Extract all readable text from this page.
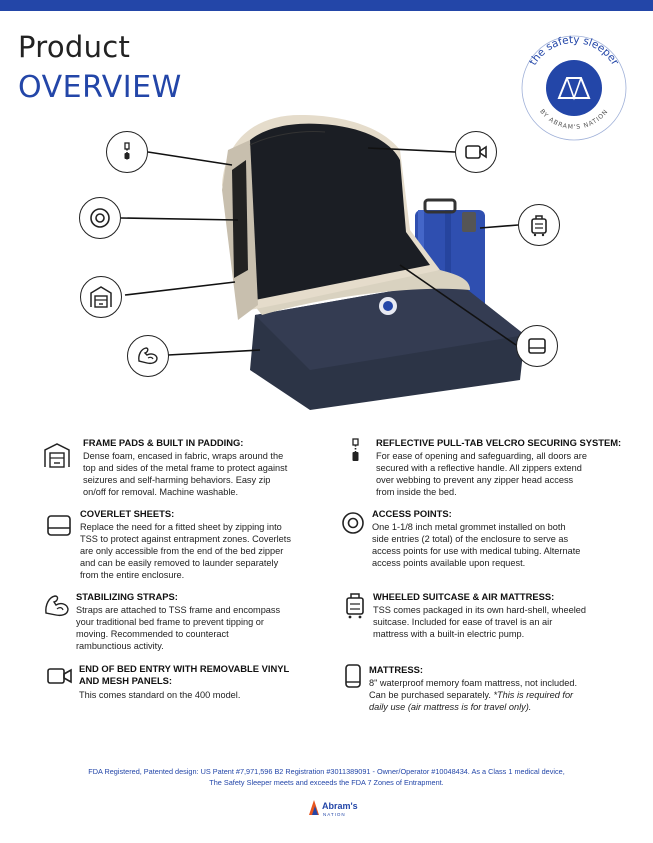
Product
OVERVIEW
the safety sleeper
BY ABRAM'S NATION
FRAME PADS & BUILT IN PADDING:
Dense foam, encased in fabric, wraps around the
top and sides of the metal frame to protect against
seizures and self-harming behaviors. Easy zip
on/off for removal. Machine washable.
COVERLET SHEETS:
Replace the need for a fitted sheet by zipping into
TSS to protect against entrapment zones. Coverlets
are only accessible from the end of the bed zipper
and can be easily removed to launder separately
from the entire enclosure.
STABILIZING STRAPS:
Straps are attached to TSS frame and encompass
your traditional bed frame to prevent tipping or
moving. Recommended to counteract
rambunctious activity.
END OF BED ENTRY WITH REMOVABLE VINYL
AND MESH PANELS:
This comes standard on the 400 model.
REFLECTIVE PULL-TAB VELCRO SECURING SYSTEM:
For ease of opening and safeguarding, all doors are
secured with a reflective handle. All zippers extend
over webbing to prevent any zipper head access
from inside the bed.
ACCESS POINTS:
One 1-1/8 inch metal grommet installed on both
side entries (2 total) of the enclosure to serve as
access points for use with medical tubing. Alternate
access points available upon request.
WHEELED SUITCASE & AIR MATTRESS:
TSS comes packaged in its own hard-shell, wheeled
suitcase. Included for ease of travel is an air
mattress with a built-in electric pump.
MATTRESS:
8" waterproof memory foam mattress, not included.
Can be purchased separately. *This is required for
daily use (air mattress is for travel only).
FDA Registered, Patented design: US Patent #7,971,596 B2 Registration #3011389091 - Owner/Operator #10048434. As a Class 1 medical device,
The Safety Sleeper meets and exceeds the FDA 7 Zones of Entrapment.
Abram's
NATION
